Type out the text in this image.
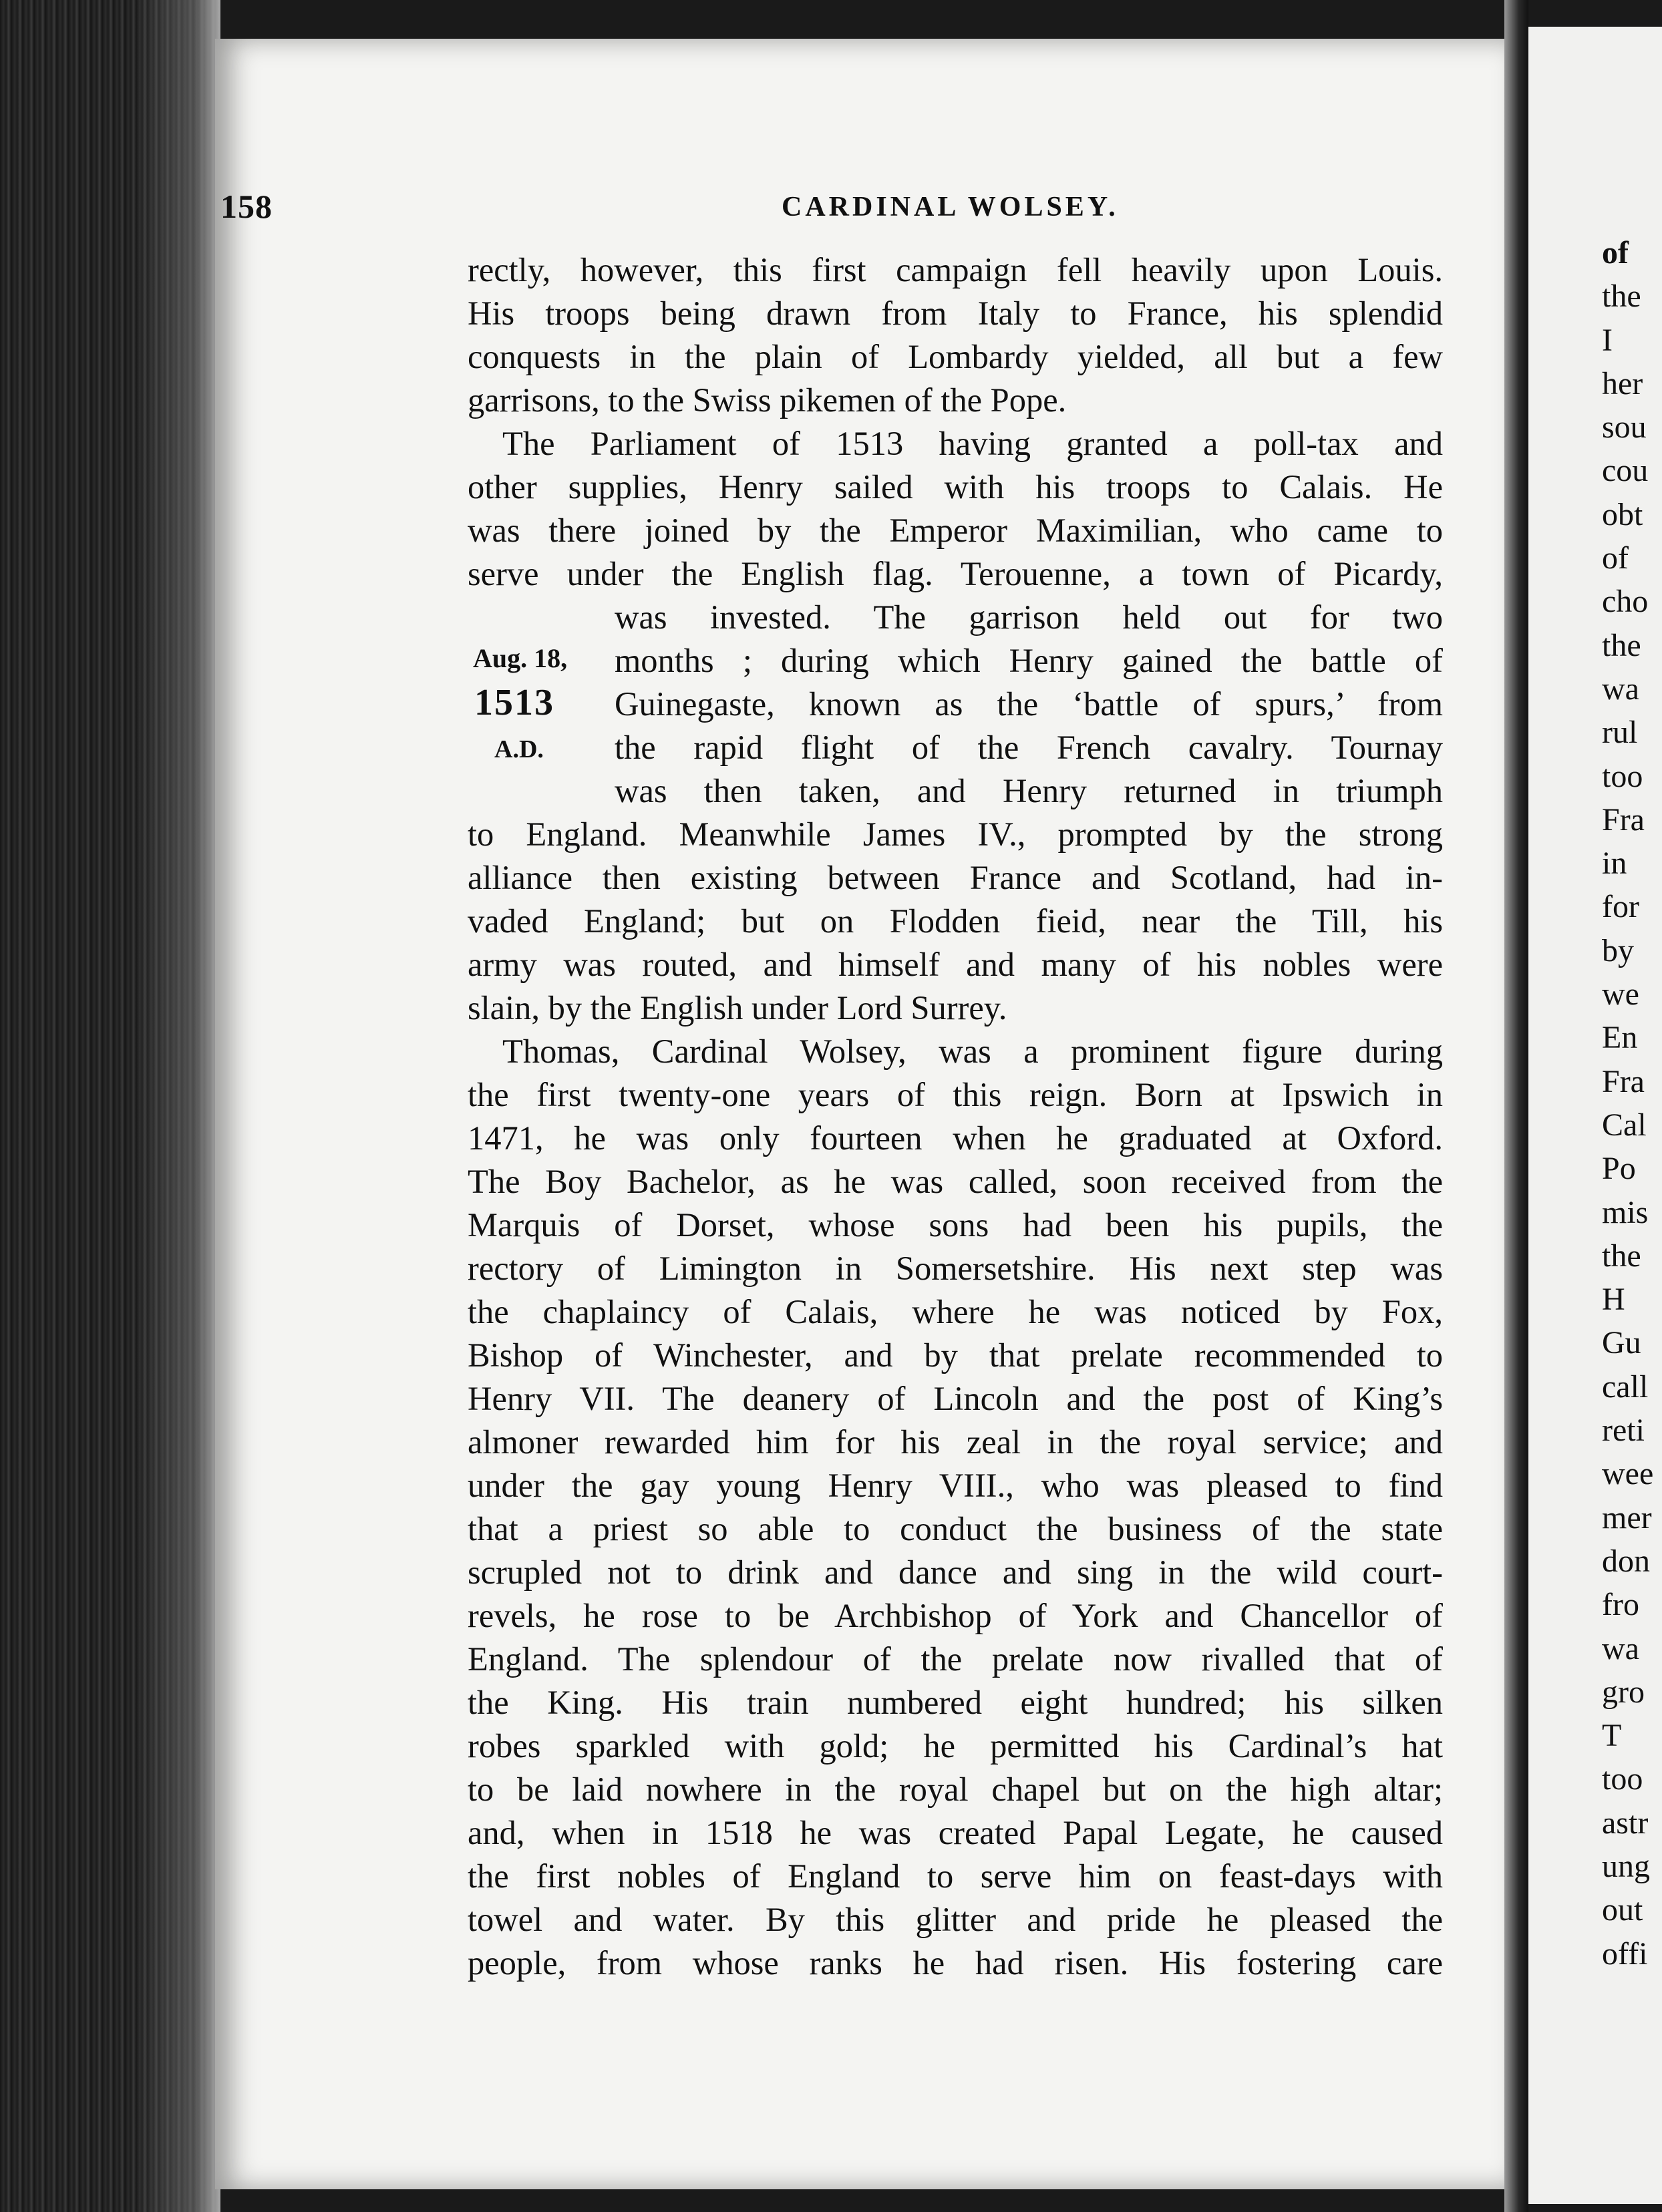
158	CARDINAL WOLSEY.
Aug. 18,
1513
A.D.
rectly, however, this first campaign fell heavily upon Louis.
His troops being drawn from Italy to France, his splendid
conquests in the plain of Lombardy yielded, all but a few
garrisons, to the Swiss pikemen of the Pope.
The Parliament of 1513 having granted a poll-tax and
other supplies, Henry sailed with his troops to Calais. He
was there joined by the Emperor Maximilian, who came to
serve under the English flag. Terouenne, a town of Picardy,
was invested. The garrison held out for two
months ; during which Henry gained the battle of
Guinegaste, known as the ‘battle of spurs,’ from
the rapid flight of the French cavalry. Tournay
was then taken, and Henry returned in triumph
to England. Meanwhile James IV., prompted by the strong
alliance then existing between France and Scotland, had in-
vaded England; but on Flodden fieid, near the Till, his
army was routed, and himself and many of his nobles were
slain, by the English under Lord Surrey.
Thomas, Cardinal Wolsey, was a prominent figure during
the first twenty-one years of this reign. Born at Ipswich in
1471, he was only fourteen when he graduated at Oxford.
The Boy Bachelor, as he was called, soon received from the
Marquis of Dorset, whose sons had been his pupils, the
rectory of Limington in Somersetshire. His next step was
the chaplaincy of Calais, where he was noticed by Fox,
Bishop of Winchester, and by that prelate recommended to
Henry VII. The deanery of Lincoln and the post of King’s
almoner rewarded him for his zeal in the royal service; and
under the gay young Henry VIII., who was pleased to find
that a priest so able to conduct the business of the state
scrupled not to drink and dance and sing in the wild court-
revels, he rose to be Archbishop of York and Chancellor of
England. The splendour of the prelate now rivalled that of
the King. His train numbered eight hundred; his silken
robes sparkled with gold; he permitted his Cardinal’s hat
to be laid nowhere in the royal chapel but on the high altar;
and, when in 1518 he was created Papal Legate, he caused
the first nobles of England to serve him on feast-days with
towel and water. By this glitter and pride he pleased the
people, from whose ranks he had risen. His fostering care
of
the
I
her
sou
cou
obt
of
cho
the
wa
rul
too
Fra
in
for
by
we
En
Fra
Cal
Po
mis
the
H
Gu
call
reti
wee
mer
don
fro
wa
gro
T
too
astr
ung
out
offi
